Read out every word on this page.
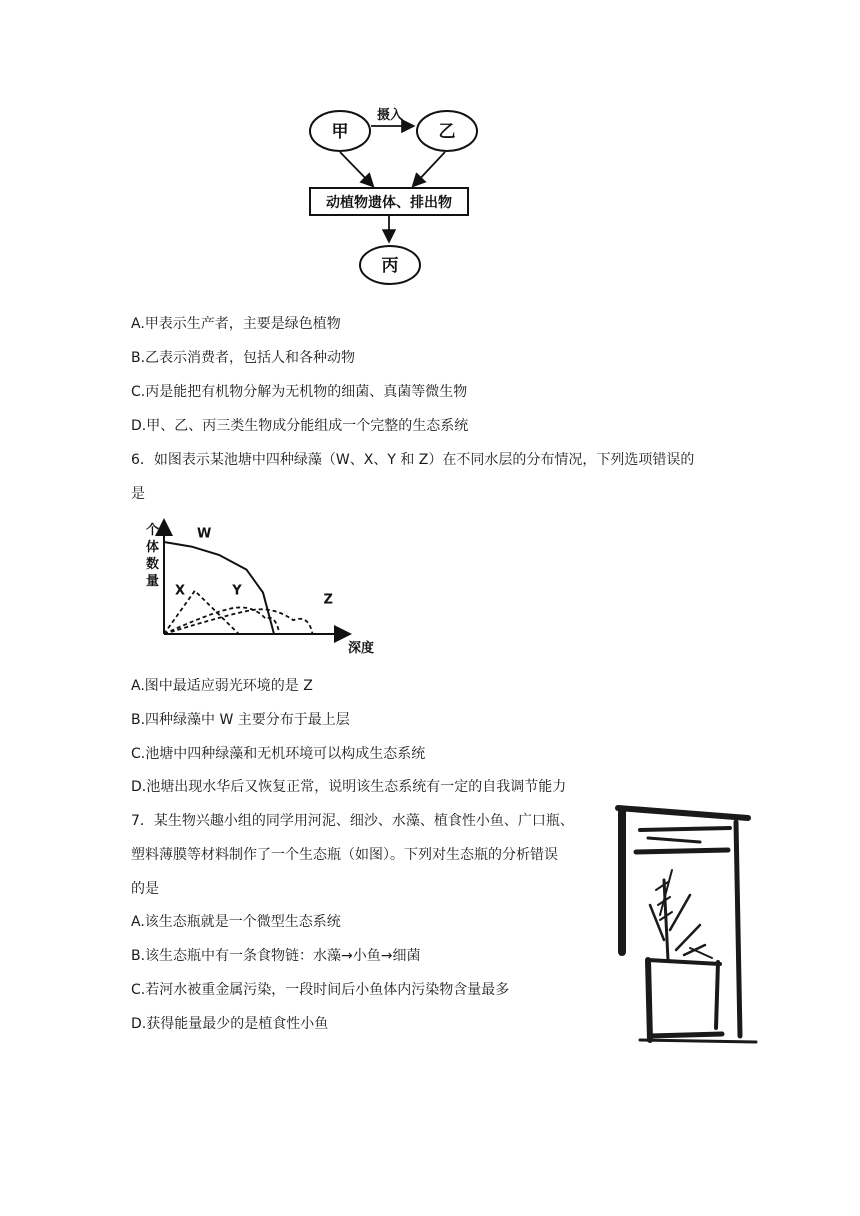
甲	乙
摄入
动植物遗体、排出物
丙
A.甲表示生产者，主要是绿色植物
B.乙表示消费者，包括人和各种动物
C.丙是能把有机物分解为无机物的细菌、真菌等微生物
D.甲、乙、丙三类生物成分能组成一个完整的生态系统
6．如图表示某池塘中四种绿藻（W、X、Y 和 Z）在不同水层的分布情况，下列选项错误的
是
个
体
数
量
深度
W
X	Y
Z
A.图中最适应弱光环境的是 Z
B.四种绿藻中 W 主要分布于最上层
C.池塘中四种绿藻和无机环境可以构成生态系统
D.池塘出现水华后又恢复正常，说明该生态系统有一定的自我调节能力
7．某生物兴趣小组的同学用河泥、细沙、水藻、植食性小鱼、广口瓶、
塑料薄膜等材料制作了一个生态瓶（如图）。下列对生态瓶的分析错误
的是
A.该生态瓶就是一个微型生态系统
B.该生态瓶中有一条食物链：水藻→小鱼→细菌
C.若河水被重金属污染，一段时间后小鱼体内污染物含量最多
D.获得能量最少的是植食性小鱼
